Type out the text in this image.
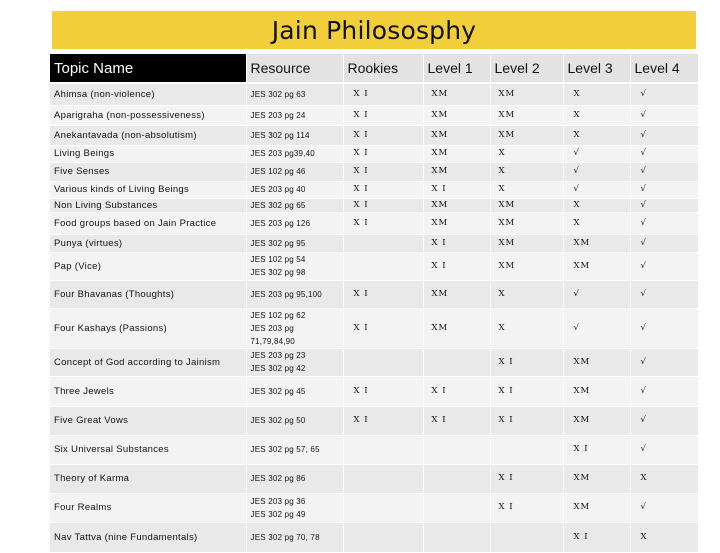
Jain Philososphy
Topic Name	Resource	Rookies	Level 1	Level 2	Level 3	Level 4

Ahimsa (non-violence)	JES 302 pg 63	X I	XM	XM	X	√

Aparigraha (non-possessiveness)	JES 203 pg 24	X I	XM	XM	X	√

Anekantavada (non-absolutism)	JES 302 pg 114	X I	XM	XM	X	√

Living Beings	JES 203 pg39,40	X I	XM	X	√	√

Five Senses	JES 102 pg 46	X I	XM	X	√	√

Various kinds of Living Beings	JES 203 pg 40	X I	X I	X	√	√

Non Living Substances	JES 302 pg 65	X I	XM	XM	X	√

Food groups based on Jain Practice	JES 203 pg 126	X I	XM	XM	X	√

Punya (virtues)	JES 302 pg 95		X I	XM	XM	√

Pap (Vice)	JES 102 pg 54
JES 302 pg 98		X I	XM	XM	√

Four Bhavanas (Thoughts)	JES 203 pg 95,100	X I	XM	X	√	√

Four Kashays (Passions)	JES 102 pg 62
JES 203 pg 71,79,84,90	X I	XM	X	√	√

Concept of God according to Jainism	JES 203 pg 23
JES 302 pg 42			X I	XM	√

Three Jewels	JES 302 pg 45	X I	X I	X I	XM	√

Five Great Vows	JES 302 pg 50	X I	X I	X I	XM	√

Six Universal Substances	JES 302 pg 57, 65				X I	√

Theory of Karma	JES 302 pg 86			X I	XM	X

Four Realms	JES 203 pg 36
JES 302 pg 49			X I	XM	√

Nav Tattva (nine Fundamentals)	JES 302 pg 70, 78				X I	X
